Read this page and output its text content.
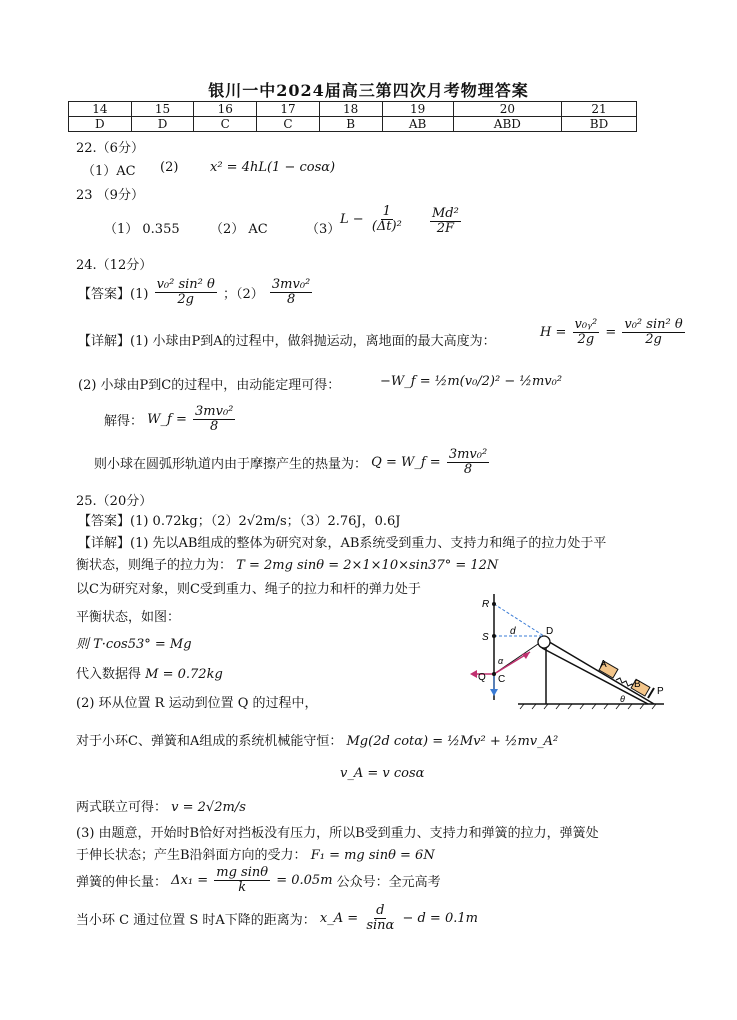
银川一中2024届高三第四次月考物理答案
14	15	16	17	18	19	20	21
D	D	C	C	B	AB	ABD	BD
22.（6分）
（1）AC (2) x² = 4hL(1 − cosα)
23 （9分）
（1） 0.355 （2） AC	（3）
$L - \frac{1}{\text{(Δt)²}} \frac{\text{Md²}}{2F}$
24.（12分）
【答案】$(1) \frac{\text{v₀² sin² θ}}{2g}$ ；$(2) \frac{\text{3mv₀²}}{8}$
【详解】(1) 小球由P到A的过程中，做斜抛运动，离地面的最大高度为：
$H = \frac{\text{v₀ᵧ²}}{2g} = \frac{\text{v₀² sin² θ}}{2g}$
(2) 小球由P到C的过程中，由动能定理可得：	−W_f = ½m(v₀/2)² − ½mv₀²
解得： W_f = $\frac{\text{3mv₀²}}{8}$
则小球在圆弧形轨道内由于摩擦产生的热量为： Q = W_f = $\frac{\text{3mv₀²}}{8}$
25.（20分）
【答案】(1) 0.72kg；（2）2√2m/s；（3）2.76J，0.6J
【详解】(1) 先以AB组成的整体为研究对象，AB系统受到重力、支持力和绳子的拉力处于平
衡状态，则绳子的拉力为： T = 2mg sinθ = 2×1×10×sin37° = 12N
以C为研究对象，则C受到重力、绳子的拉力和杆的弹力处于
平衡状态，如图：
则 T·cos53° = Mg
代入数据得 M = 0.72kg
(2) 环从位置 R 运动到位置 Q 的过程中，
对于小环C、弹簧和A组成的系统机械能守恒： Mg(2d cotα) = ½Mv² + ½mv_A²
v_A = v cosα
两式联立可得： v = 2√2m/s
(3) 由题意，开始时B恰好对挡板没有压力，所以B受到重力、支持力和弹簧的拉力，弹簧处
于伸长状态；产生B沿斜面方向的受力： F₁ = mg sinθ = 6N
弹簧的伸长量： $\Delta x_1 = \frac{\text{mg sinθ}}{k} = 0.05m$ 公众号：全元高考
当小环 C 通过位置 S 时A下降的距离为： x_A = $\frac{d}{\sin\alpha} - d = 0.1m$
R
S
d	D
A
B
P
Q C
α
θ
